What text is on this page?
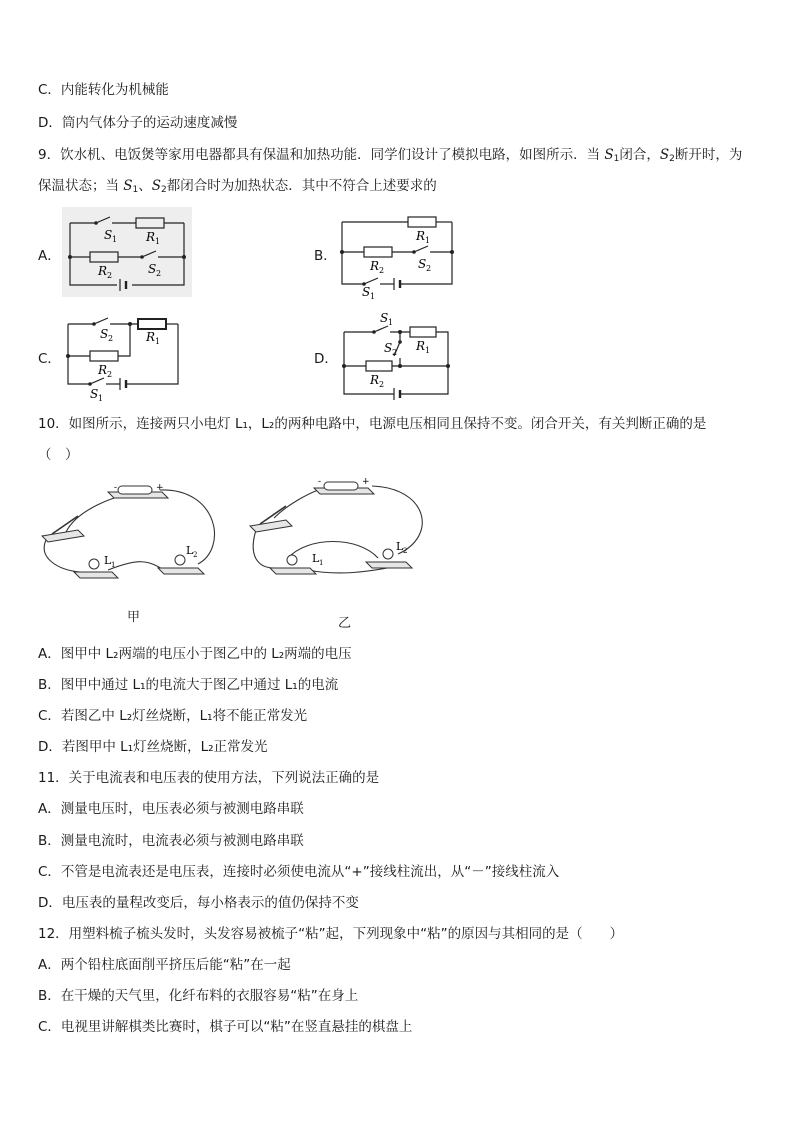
C．内能转化为机械能
D．筒内气体分子的运动速度减慢
9．饮水机、电饭煲等家用电器都具有保温和加热功能．同学们设计了模拟电路，如图所示．当 $S_1$闭合，$S_2$断开时，为
保温状态；当 $S_1$、$S_2$都闭合时为加热状态．其中不符合上述要求的
A．	B．
C．	D．
S 1 R 1
R 2	S 2
R 1
R 2	S 2
S 1
S 2	R 1
R 2
S 1
S 1
S 2 R 1
R 2
10．如图所示，连接两只小电灯 L₁，L₂的两种电路中，电源电压相同且保持不变。闭合开关，有关判断正确的是
（　）
-	+
L 1
L 2
甲
-	+
L 1
L 2
乙
A．图甲中 L₂两端的电压小于图乙中的 L₂两端的电压
B．图甲中通过 L₁的电流大于图乙中通过 L₁的电流
C．若图乙中 L₂灯丝烧断，L₁将不能正常发光
D．若图甲中 L₁灯丝烧断，L₂正常发光
11．关于电流表和电压表的使用方法，下列说法正确的是
A．测量电压时，电压表必须与被测电路串联
B．测量电流时，电流表必须与被测电路串联
C．不管是电流表还是电压表，连接时必须使电流从“+”接线柱流出，从“－”接线柱流入
D．电压表的量程改变后，每小格表示的值仍保持不变
12．用塑料梳子梳头发时，头发容易被梳子“粘”起，下列现象中“粘”的原因与其相同的是（　　）
A．两个铅柱底面削平挤压后能“粘”在一起
B．在干燥的天气里，化纤布料的衣服容易“粘”在身上
C．电视里讲解棋类比赛时，棋子可以“粘”在竖直悬挂的棋盘上
